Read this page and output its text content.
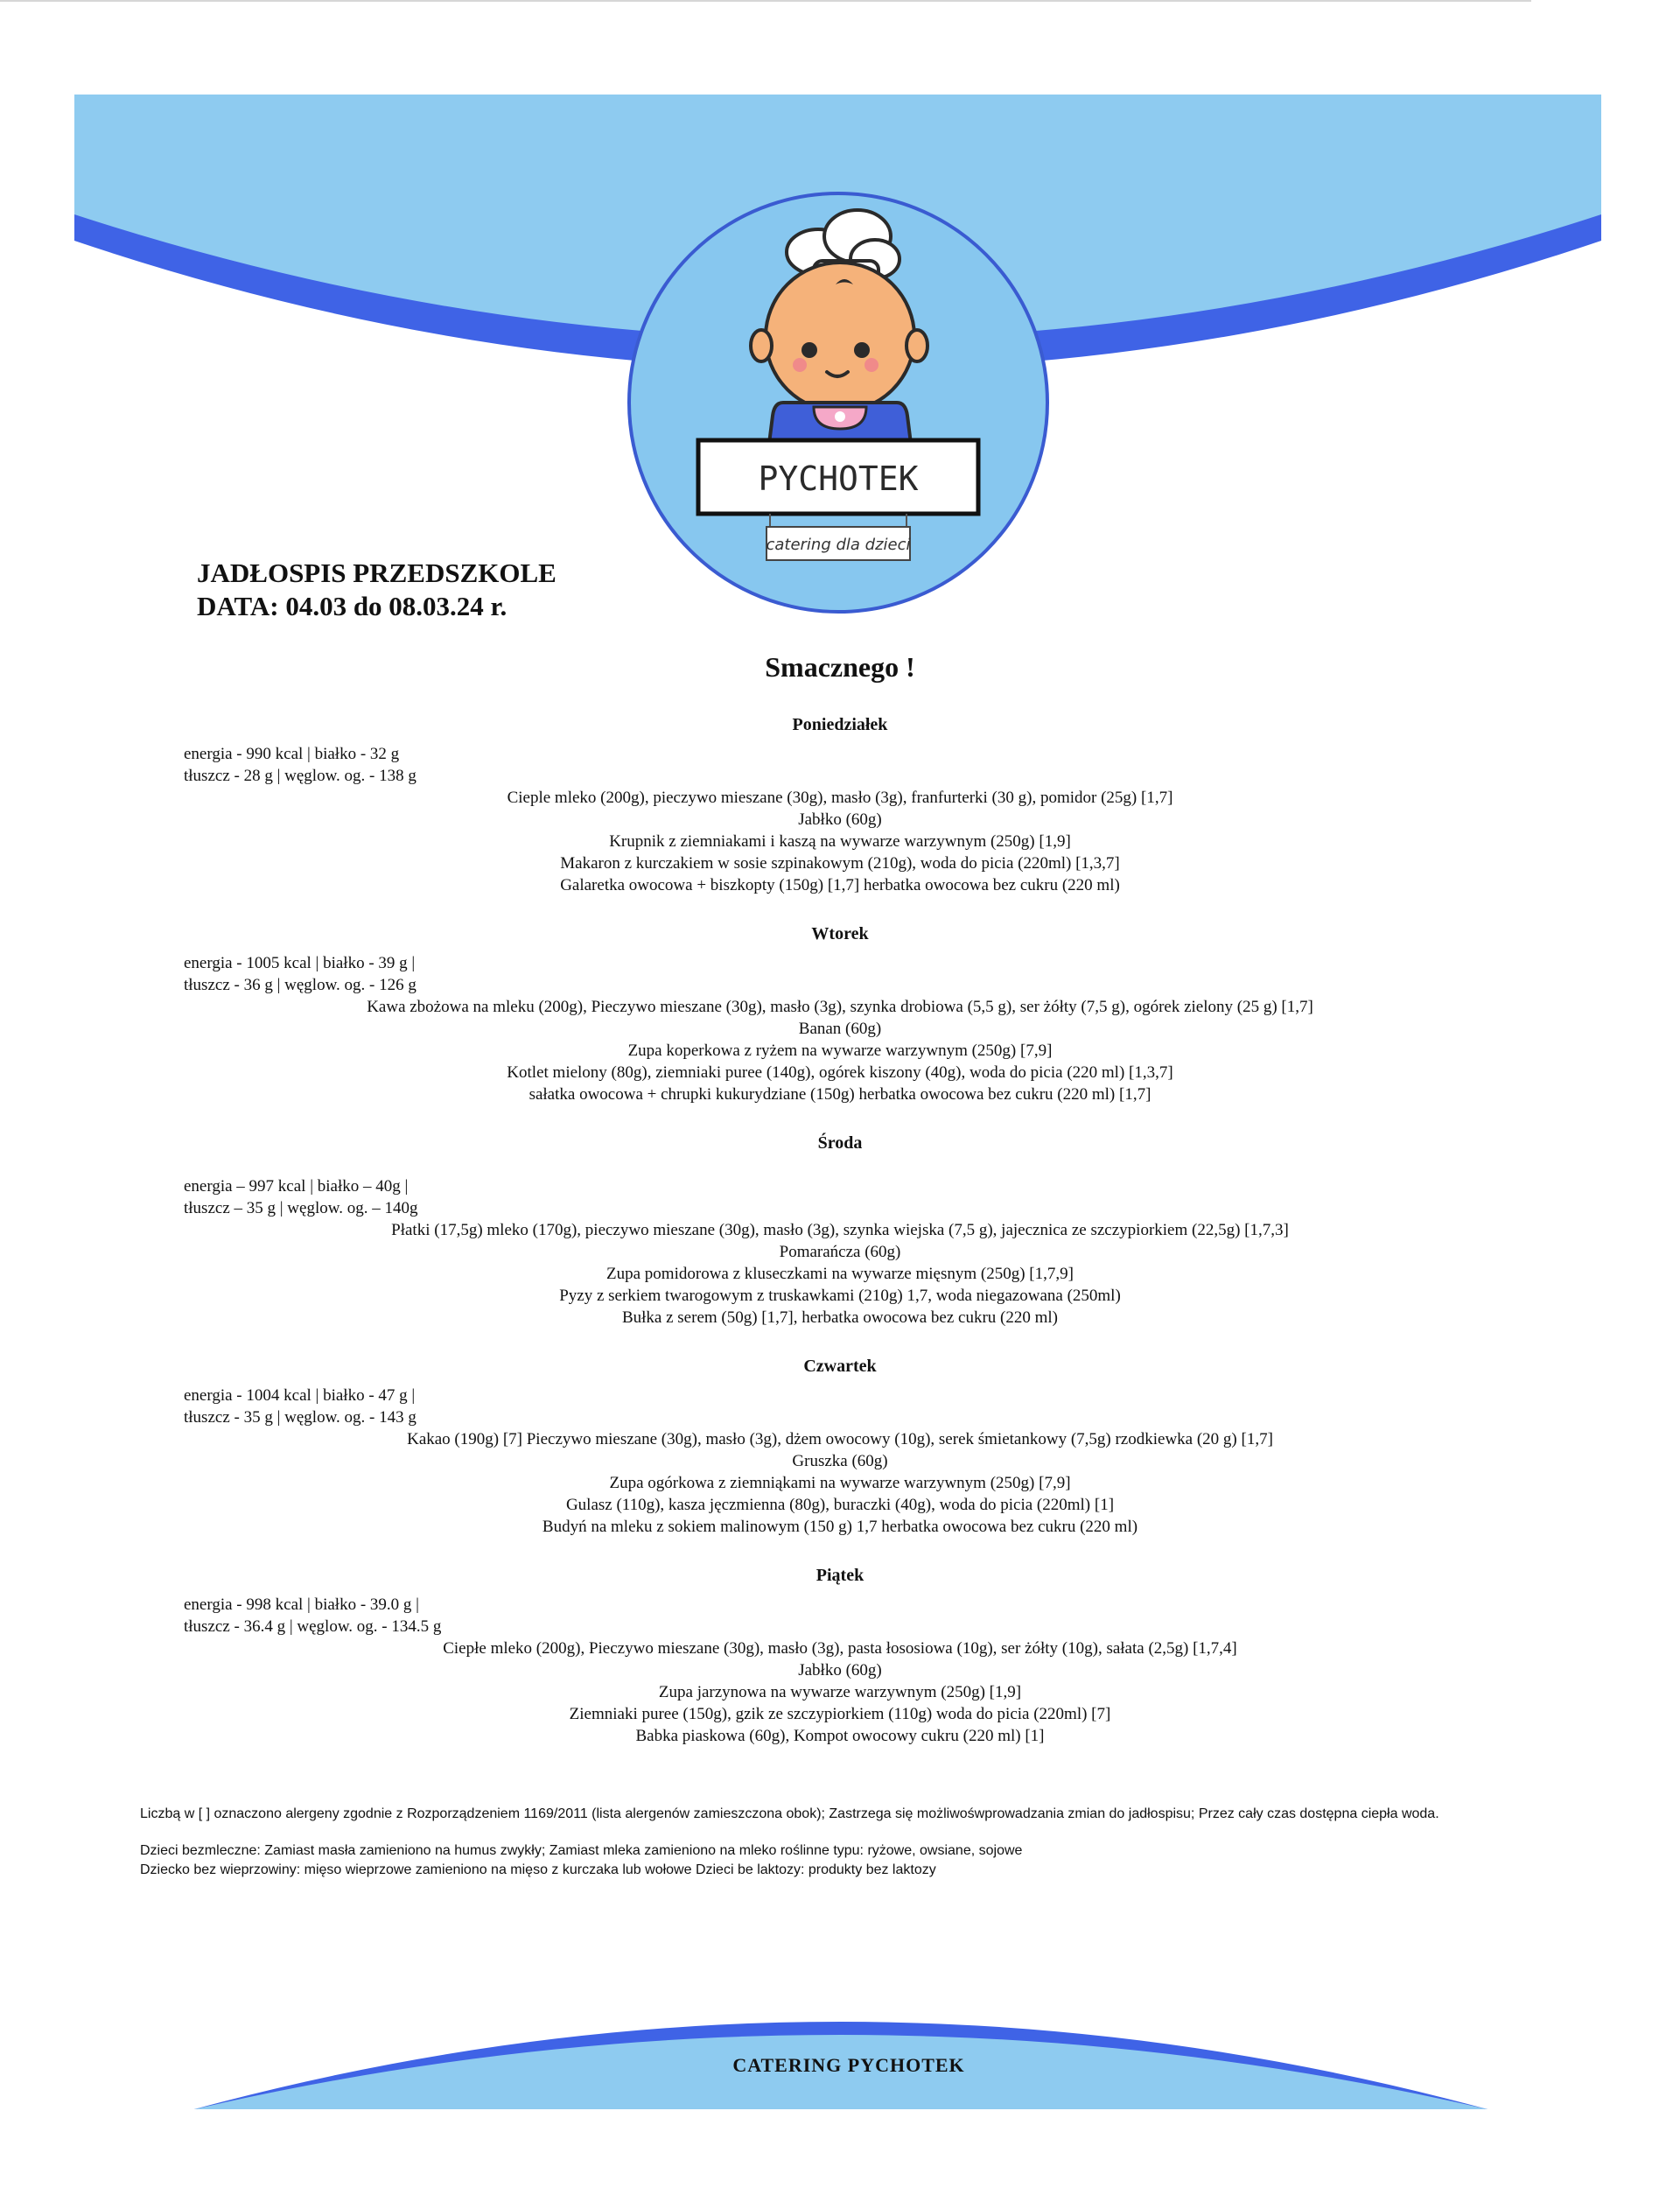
PYCHOTEK
catering dla dzieci
JADŁOSPIS PRZEDSZKOLE
DATA: 04.03 do 08.03.24 r.
Smacznego !
Poniedziałek
energia - 990 kcal | białko - 32 g
tłuszcz - 28 g | węglow. og. - 138 g
Cieple mleko (200g), pieczywo mieszane (30g), masło (3g), franfurterki (30 g), pomidor (25g) [1,7]
Jabłko (60g)
Krupnik z ziemniakami i kaszą na wywarze warzywnym (250g) [1,9]
Makaron z kurczakiem w sosie szpinakowym (210g), woda do picia (220ml) [1,3,7]
Galaretka owocowa + biszkopty (150g) [1,7] herbatka owocowa bez cukru (220 ml)
Wtorek
energia - 1005 kcal | białko - 39 g |
tłuszcz - 36 g | węglow. og. - 126 g
Kawa zbożowa na mleku (200g), Pieczywo mieszane (30g), masło (3g), szynka drobiowa (5,5 g), ser żółty (7,5 g), ogórek zielony (25 g) [1,7]
Banan (60g)
Zupa koperkowa z ryżem na wywarze warzywnym (250g) [7,9]
Kotlet mielony (80g), ziemniaki puree (140g), ogórek kiszony (40g), woda do picia (220 ml) [1,3,7]
sałatka owocowa + chrupki kukurydziane (150g) herbatka owocowa bez cukru (220 ml) [1,7]
Środa
energia – 997 kcal | białko – 40g |
tłuszcz – 35 g | węglow. og. – 140g
Płatki (17,5g) mleko (170g), pieczywo mieszane (30g), masło (3g), szynka wiejska (7,5 g), jajecznica ze szczypiorkiem (22,5g) [1,7,3]
Pomarańcza (60g)
Zupa pomidorowa z kluseczkami na wywarze mięsnym (250g) [1,7,9]
Pyzy z serkiem twarogowym z truskawkami (210g) 1,7, woda niegazowana (250ml)
Bułka z serem (50g) [1,7], herbatka owocowa bez cukru (220 ml)
Czwartek
energia - 1004 kcal | białko - 47 g |
tłuszcz - 35 g | węglow. og. - 143 g
Kakao (190g) [7] Pieczywo mieszane (30g), masło (3g), dżem owocowy (10g), serek śmietankowy (7,5g) rzodkiewka (20 g) [1,7]
Gruszka (60g)
Zupa ogórkowa z ziemniąkami na wywarze warzywnym (250g) [7,9]
Gulasz (110g), kasza jęczmienna (80g), buraczki (40g), woda do picia (220ml) [1]
Budyń na mleku z sokiem malinowym (150 g) 1,7 herbatka owocowa bez cukru (220 ml)
Piątek
energia - 998 kcal | białko - 39.0 g |
tłuszcz - 36.4 g | węglow. og. - 134.5 g
Ciepłe mleko (200g), Pieczywo mieszane (30g), masło (3g), pasta łososiowa (10g), ser żółty (10g), sałata (2,5g) [1,7,4]
Jabłko (60g)
Zupa jarzynowa na wywarze warzywnym (250g) [1,9]
Ziemniaki puree (150g), gzik ze szczypiorkiem (110g) woda do picia (220ml) [7]
Babka piaskowa (60g), Kompot owocowy cukru (220 ml) [1]

Liczbą w [ ] oznaczono alergeny zgodnie z Rozporządzeniem 1169/2011 (lista alergenów zamieszczona obok); Zastrzega się możliwośwprowadzania zmian do jadłospisu; Przez cały czas dostępna ciepła woda.

Dzieci bezmleczne: Zamiast masła zamieniono na humus zwykły; Zamiast mleka zamieniono na mleko roślinne typu: ryżowe, owsiane, sojowe

Dziecko bez wieprzowiny: mięso wieprzowe zamieniono na mięso z kurczaka lub wołowe Dzieci be laktozy: produkty bez laktozy

CATERING PYCHOTEK
